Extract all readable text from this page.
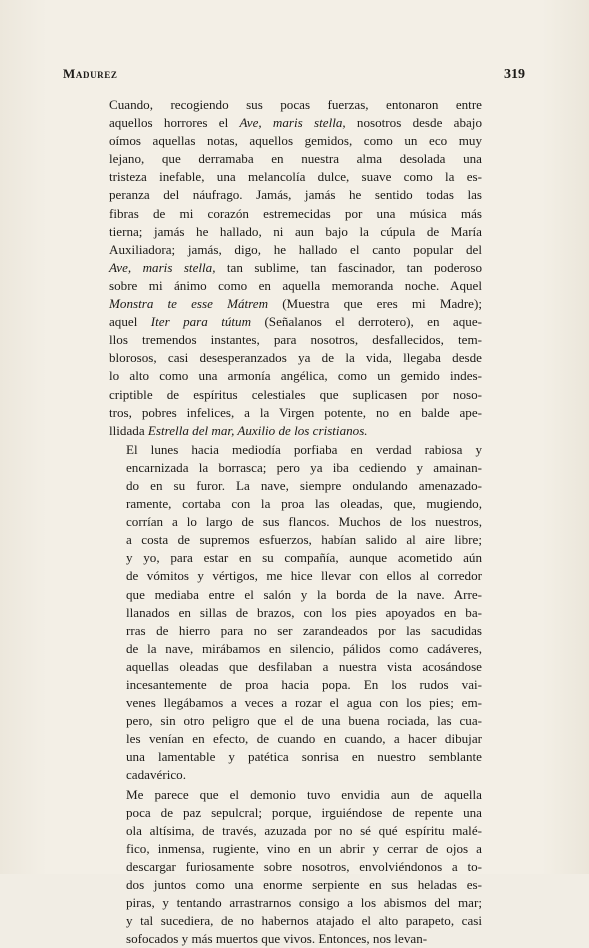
Madurez	319

Cuando, recogiendo sus pocas fuerzas, entonaron entre
aquellos horrores el Ave, maris stella, nosotros desde abajo
oímos aquellas notas, aquellos gemidos, como un eco muy
lejano, que derramaba en nuestra alma desolada una
tristeza inefable, una melancolía dulce, suave como la es-
peranza del náufrago. Jamás, jamás he sentido todas las
fibras de mi corazón estremecidas por una música más
tierna; jamás he hallado, ni aun bajo la cúpula de María
Auxiliadora; jamás, digo, he hallado el canto popular del
Ave, maris stella, tan sublime, tan fascinador, tan poderoso
sobre mi ánimo como en aquella memoranda noche. Aquel
Monstra te esse Mátrem (Muestra que eres mi Madre);
aquel Iter para tútum (Señalanos el derrotero), en aque-
llos tremendos instantes, para nosotros, desfallecidos, tem-
blorosos, casi desesperanzados ya de la vida, llegaba desde
lo alto como una armonía angélica, como un gemido indes-
criptible de espíritus celestiales que suplicasen por noso-
tros, pobres infelices, a la Virgen potente, no en balde ape-
llidada Estrella del mar, Auxilio de los cristianos.

El lunes hacia mediodía porfiaba en verdad rabiosa y
encarnizada la borrasca; pero ya iba cediendo y amainan-
do en su furor. La nave, siempre ondulando amenazado-
ramente, cortaba con la proa las oleadas, que, mugiendo,
corrían a lo largo de sus flancos. Muchos de los nuestros,
a costa de supremos esfuerzos, habían salido al aire libre;
y yo, para estar en su compañía, aunque acometido aún
de vómitos y vértigos, me hice llevar con ellos al corredor
que mediaba entre el salón y la borda de la nave. Arre-
llanados en sillas de brazos, con los pies apoyados en ba-
rras de hierro para no ser zarandeados por las sacudidas
de la nave, mirábamos en silencio, pálidos como cadáveres,
aquellas oleadas que desfilaban a nuestra vista acosándose
incesantemente de proa hacia popa. En los rudos vai-
venes llegábamos a veces a rozar el agua con los pies; em-
pero, sin otro peligro que el de una buena rociada, las cua-
les venían en efecto, de cuando en cuando, a hacer dibujar
una lamentable y patética sonrisa en nuestro semblante
cadavérico.

Me parece que el demonio tuvo envidia aun de aquella
poca de paz sepulcral; porque, irguiéndose de repente una
ola altísima, de través, azuzada por no sé qué espíritu malé-
fico, inmensa, rugiente, vino en un abrir y cerrar de ojos a
descargar furiosamente sobre nosotros, envolviéndonos a to-
dos juntos como una enorme serpiente en sus heladas es-
piras, y tentando arrastrarnos consigo a los abismos del mar;
y tal sucediera, de no habernos atajado el alto parapeto, casi
sofocados y más muertos que vivos. Entonces, nos levan-
